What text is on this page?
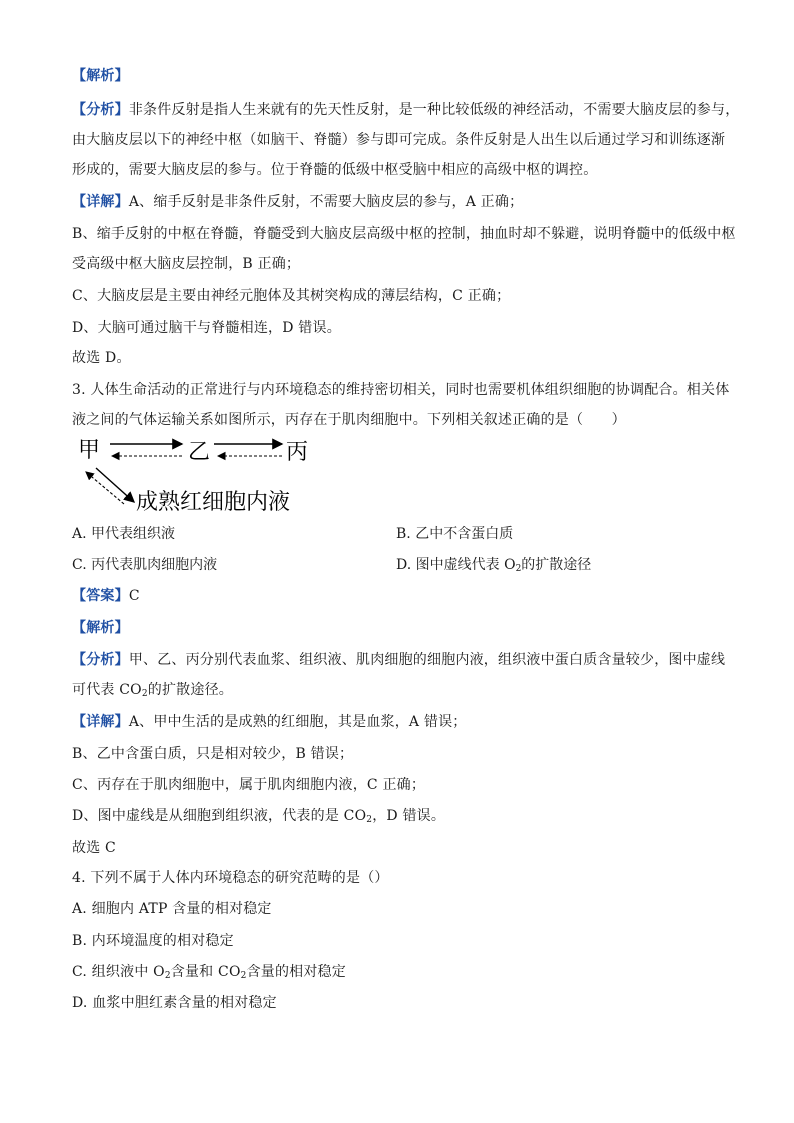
【解析】
【分析】非条件反射是指人生来就有的先天性反射，是一种比较低级的神经活动，不需要大脑皮层的参与，
由大脑皮层以下的神经中枢（如脑干、脊髓）参与即可完成。条件反射是人出生以后通过学习和训练逐渐
形成的，需要大脑皮层的参与。位于脊髓的低级中枢受脑中相应的高级中枢的调控。
【详解】A、缩手反射是非条件反射，不需要大脑皮层的参与，A 正确；
B、缩手反射的中枢在脊髓，脊髓受到大脑皮层高级中枢的控制，抽血时却不躲避，说明脊髓中的低级中枢
受高级中枢大脑皮层控制，B 正确；
C、大脑皮层是主要由神经元胞体及其树突构成的薄层结构，C 正确；
D、大脑可通过脑干与脊髓相连，D 错误。
故选 D。
3. 人体生命活动的正常进行与内环境稳态的维持密切相关，同时也需要机体组织细胞的协调配合。相关体
液之间的气体运输关系如图所示，丙存在于肌肉细胞中。下列相关叙述正确的是（　　）
甲	乙	丙
成熟红细胞内液
A. 甲代表组织液	B. 乙中不含蛋白质
C. 丙代表肌肉细胞内液	D. 图中虚线代表 $O_2$的扩散途径
【答案】C
【解析】
【分析】甲、乙、丙分别代表血浆、组织液、肌肉细胞的细胞内液，组织液中蛋白质含量较少，图中虚线
可代表 $CO_2$的扩散途径。
【详解】A、甲中生活的是成熟的红细胞，其是血浆，A 错误；
B、乙中含蛋白质，只是相对较少，B 错误；
C、丙存在于肌肉细胞中，属于肌肉细胞内液，C 正确；
D、图中虚线是从细胞到组织液，代表的是 $CO_2$，D 错误。
故选 C
4. 下列不属于人体内环境稳态的研究范畴的是（）
A. 细胞内 ATP 含量的相对稳定
B. 内环境温度的相对稳定
C. 组织液中 $O_2$含量和 $CO_2$含量的相对稳定
D. 血浆中胆红素含量的相对稳定
